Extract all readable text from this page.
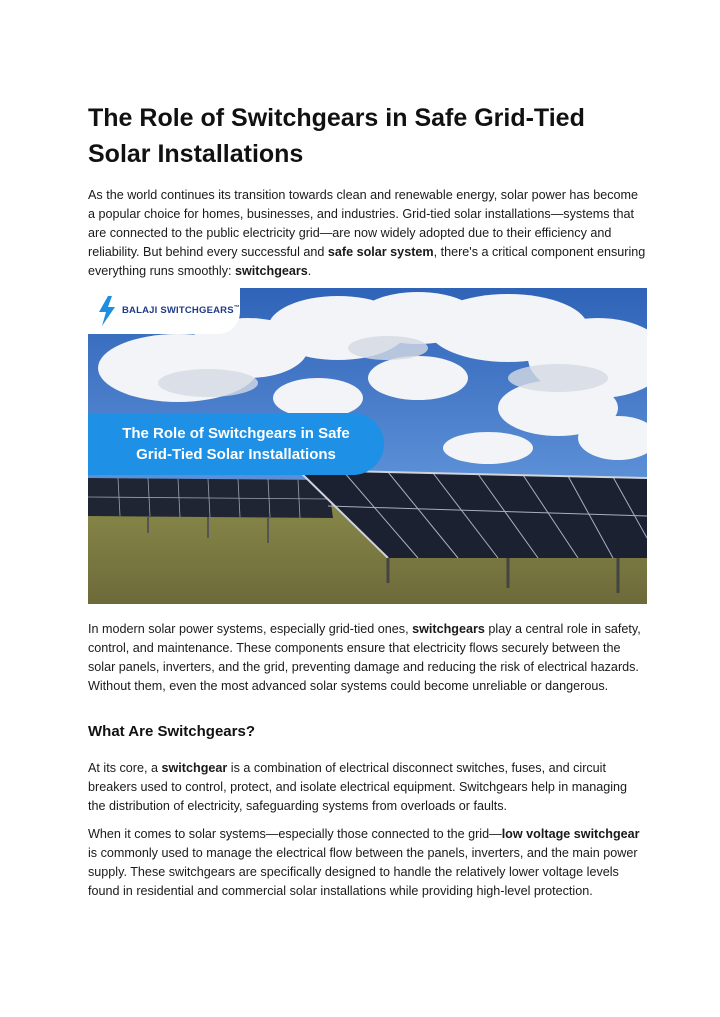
The Role of Switchgears in Safe Grid-Tied Solar Installations

As the world continues its transition towards clean and renewable energy, solar power has become a popular choice for homes, businesses, and industries. Grid-tied solar installations—systems that are connected to the public electricity grid—are now widely adopted due to their efficiency and reliability. But behind every successful and safe solar system, there's a critical component ensuring everything runs smoothly: switchgears.

BALAJI SWITCHGEARS™
The Role of Switchgears in Safe
Grid-Tied Solar Installations

In modern solar power systems, especially grid-tied ones, switchgears play a central role in safety, control, and maintenance. These components ensure that electricity flows securely between the solar panels, inverters, and the grid, preventing damage and reducing the risk of electrical hazards. Without them, even the most advanced solar systems could become unreliable or dangerous.

What Are Switchgears?

At its core, a switchgear is a combination of electrical disconnect switches, fuses, and circuit breakers used to control, protect, and isolate electrical equipment. Switchgears help in managing the distribution of electricity, safeguarding systems from overloads or faults.

When it comes to solar systems—especially those connected to the grid—low voltage switchgear is commonly used to manage the electrical flow between the panels, inverters, and the main power supply. These switchgears are specifically designed to handle the relatively lower voltage levels found in residential and commercial solar installations while providing high-level protection.
